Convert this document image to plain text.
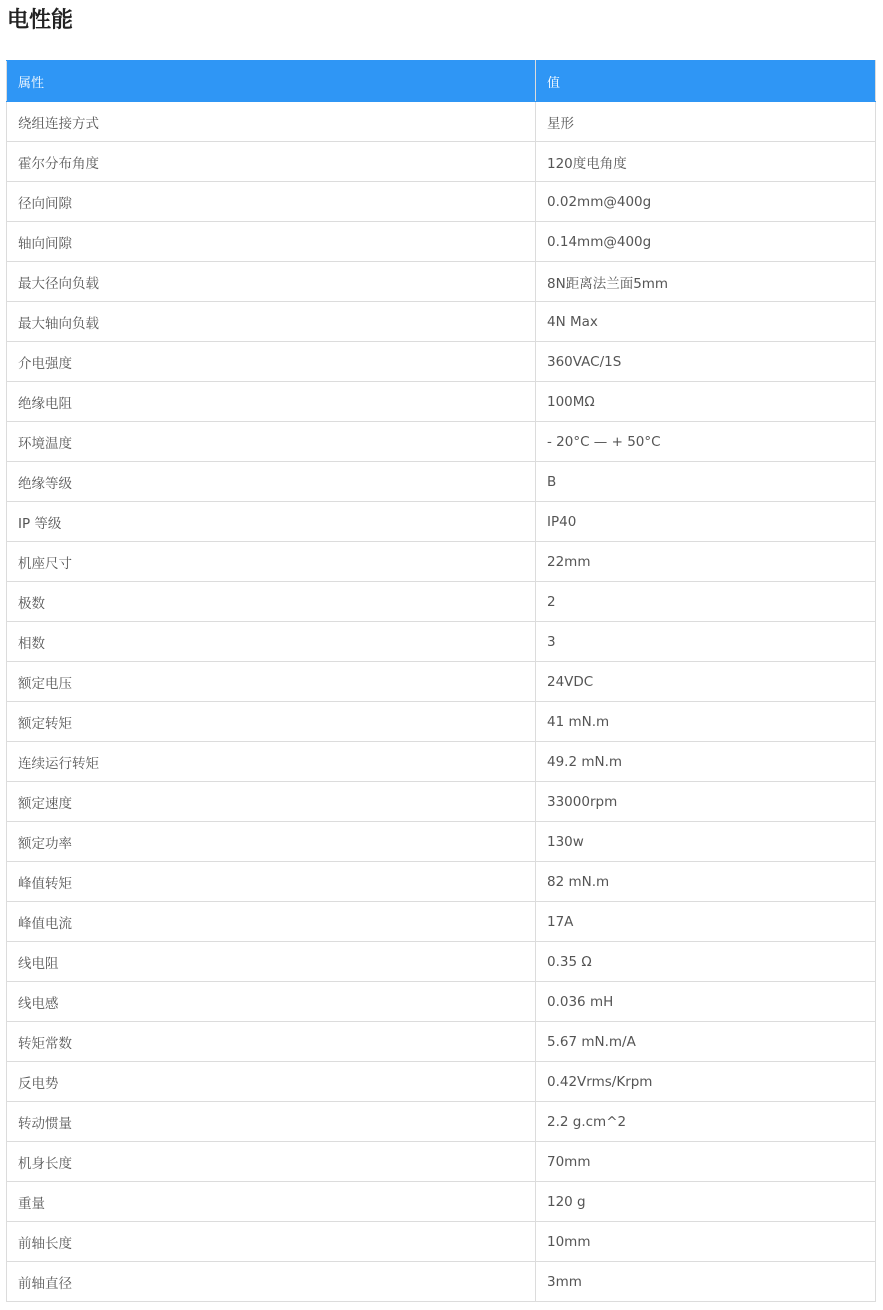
电性能
属性	值
绕组连接方式	星形
霍尔分布角度	120度电角度
径向间隙	0.02mm@400g
轴向间隙	0.14mm@400g
最大径向负载	8N距离法兰面5mm
最大轴向负载	4N Max
介电强度	360VAC/1S
绝缘电阻	100MΩ
环境温度	- 20°C — + 50°C
绝缘等级	B
IP 等级	IP40
机座尺寸	22mm
极数	2
相数	3
额定电压	24VDC
额定转矩	41 mN.m
连续运行转矩	49.2 mN.m
额定速度	33000rpm
额定功率	130w
峰值转矩	82 mN.m
峰值电流	17A
线电阻	0.35 Ω
线电感	0.036 mH
转矩常数	5.67 mN.m/A
反电势	0.42Vrms/Krpm
转动惯量	2.2 g.cm^2
机身长度	70mm
重量	120 g
前轴长度	10mm
前轴直径	3mm
